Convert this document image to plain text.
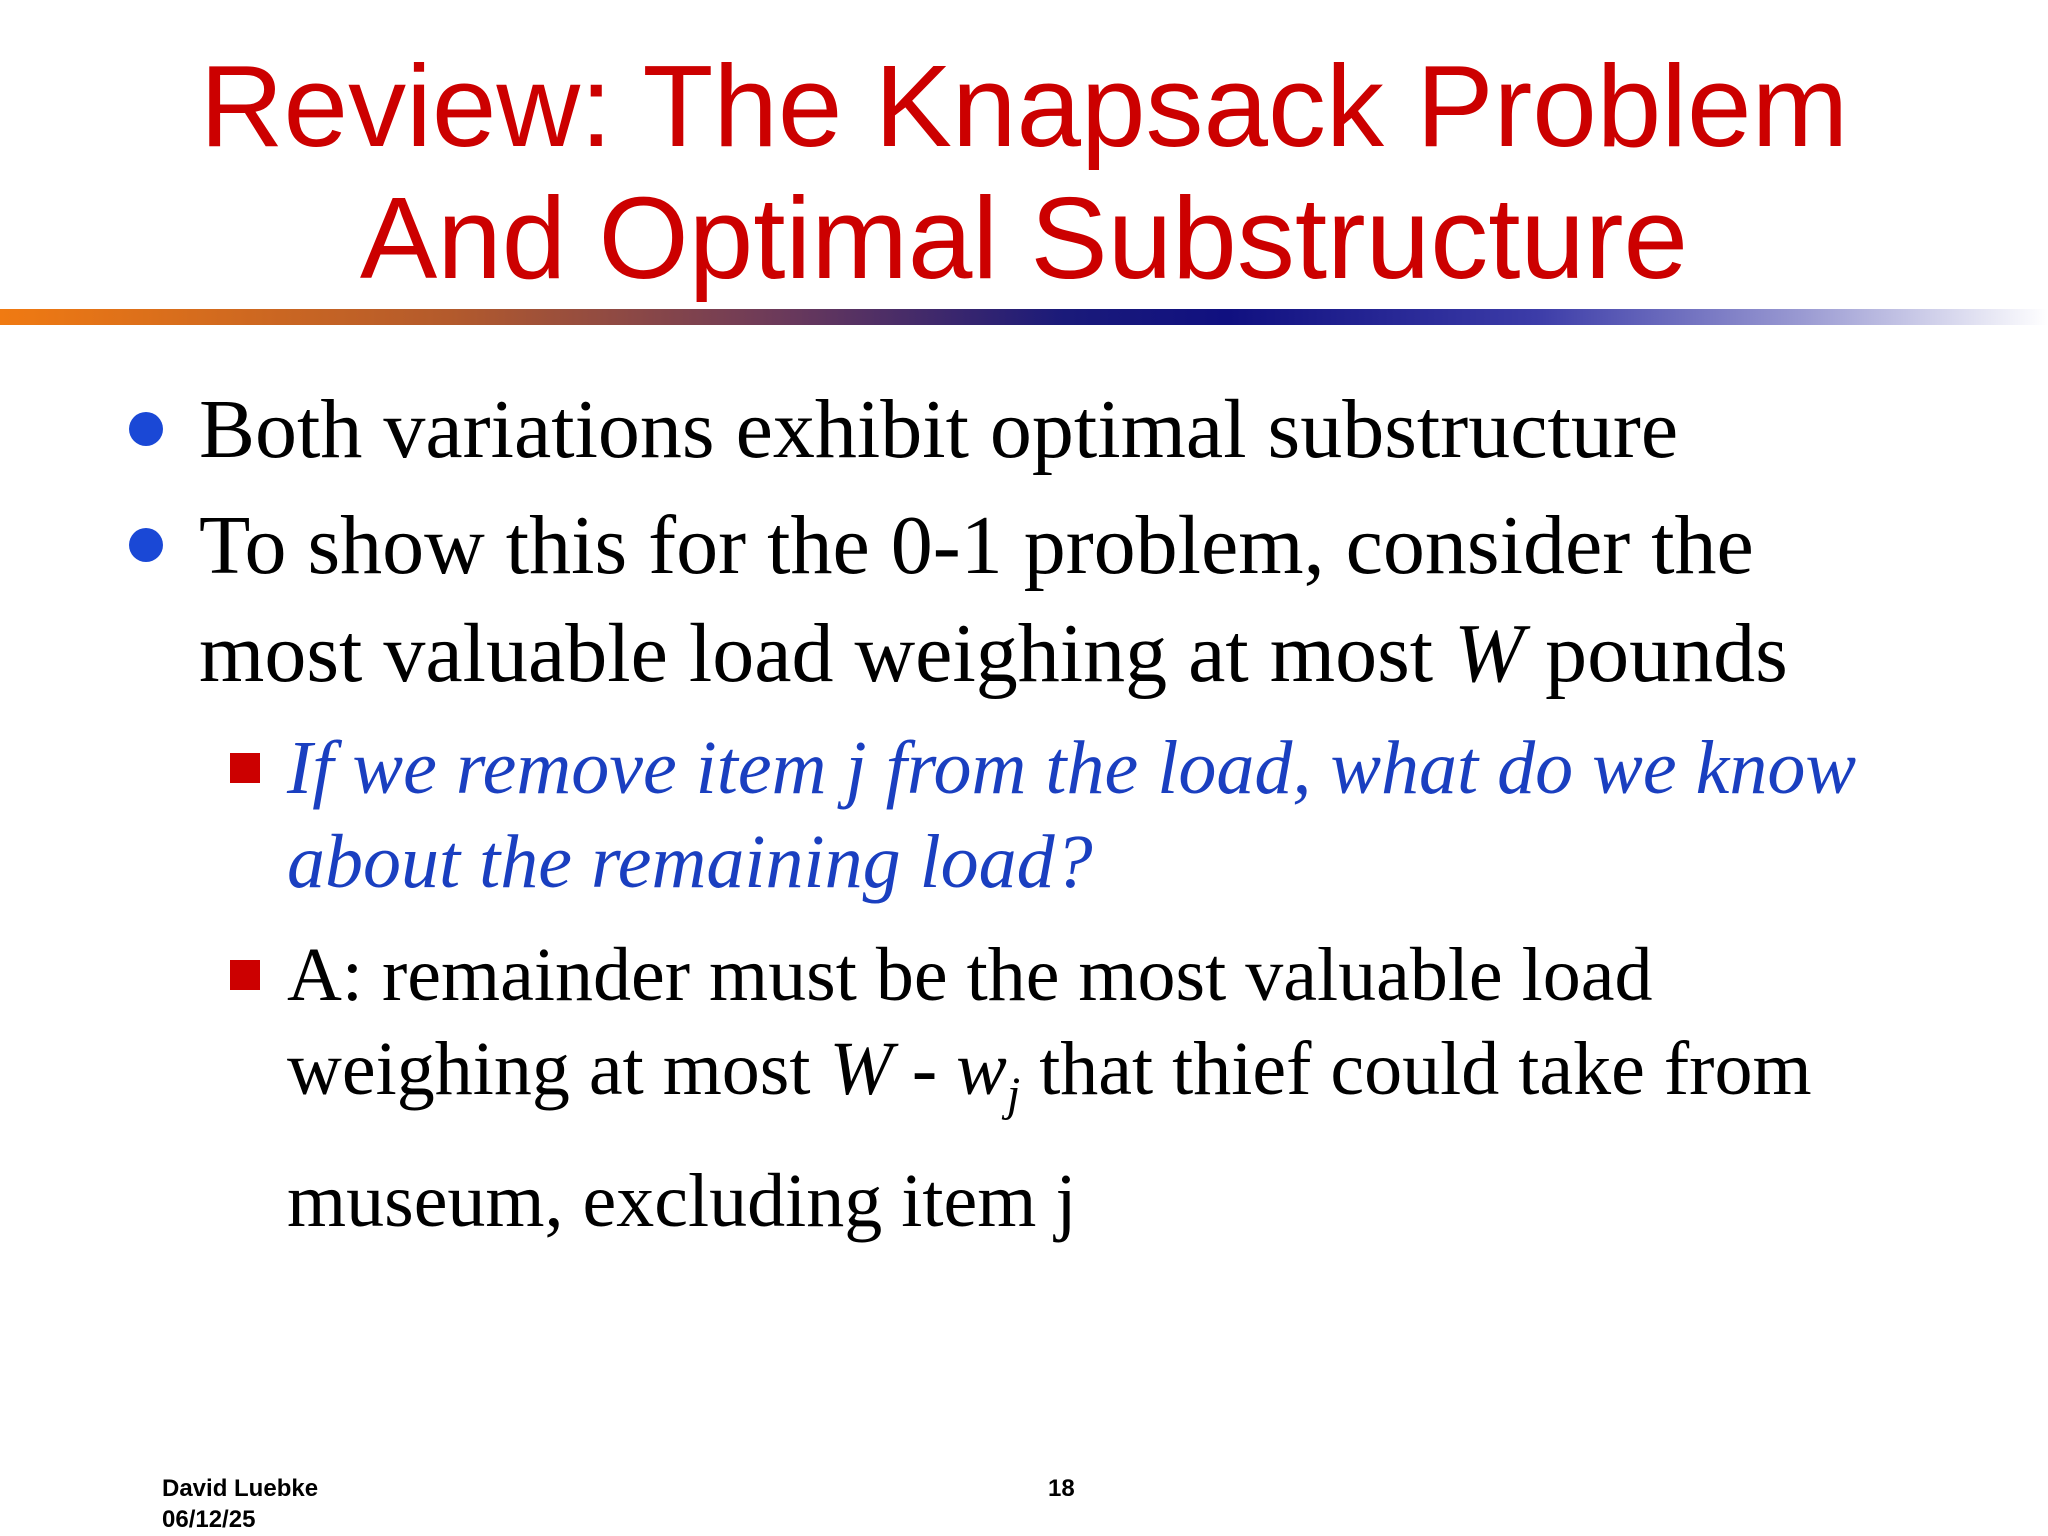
Review: The Knapsack Problem
And Optimal Substructure
Both variations exhibit optimal substructure
To show this for the 0-1 problem, consider the
most valuable load weighing at most W pounds
If we remove item j from the load, what do we know
about the remaining load?
A: remainder must be the most valuable load
weighing at most W - $w_j$ that thief could take from
museum, excluding item j
David Luebke
06/12/25
18
